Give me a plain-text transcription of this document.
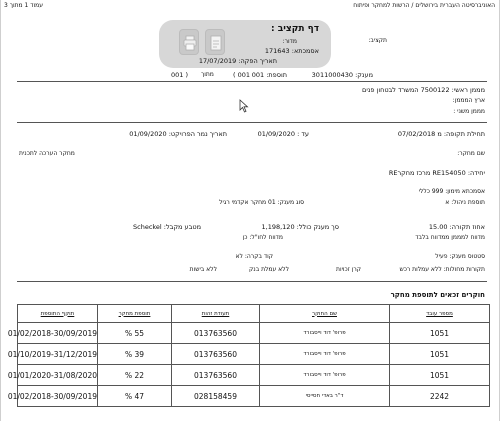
עמוד 1 מתוך 3	האוניברסיטה העברית בירושלים / הרשות למחקר ופיתוח
דף תקציב :
מדור:
אסמכתא: 171643
תאריך הפקה: 17/07/2019
תקציב:
מענק: 3011000430
תוספת: 001
( 001
מתוך
001 )
מממן ראשי: 7500122 המשרד לבטחון פנים
ארץ המממן:
מממן משני :
תחילת תקופה: מ 07/02/2018
עד : 01/09/2020
תאריך נמר הפרויקט: 01/09/2020
שם מחקר:
מחקר הערכה לתכנית
יחידה: RE154050 מרכז מחקרRE
אסמכתא מימון: 999 כללי
תוספת ניהול: א
סוג מענק: 01 מחקר אקדמי רגיל
אחוז תקורה: 15.00
מדווח למממן ממדווח בלבד
סך מענק כולל: 1,198,120
מטבע מקבל: Scheckel
מדווח לחו"ל: כן
סטטוס מענק: פעיל
קוד בקרה: לא
תקורות מחולות: ללא עמלות רכש
קרן זכויות
ללא עמלת בנק
ללא בישות
חוקרים זכאים לתוספת מחקר
מספר עובד	שם החוקר	תעודת זהות	תוספת מחקר	תוקף התוספת
1051	פרופ' דוד וייסבורד	013763560	55 %	01/02/2018-30/09/2019
1051	פרופ' דוד וייסבורד	013763560	39 %	01/10/2019-31/12/2019
1051	פרופ' דוד וייסבורד	013763560	22 %	01/01/2020-31/08/2020
2242	ד"ר באדי חסייסי	028158459	47 %	01/02/2018-30/09/2019
